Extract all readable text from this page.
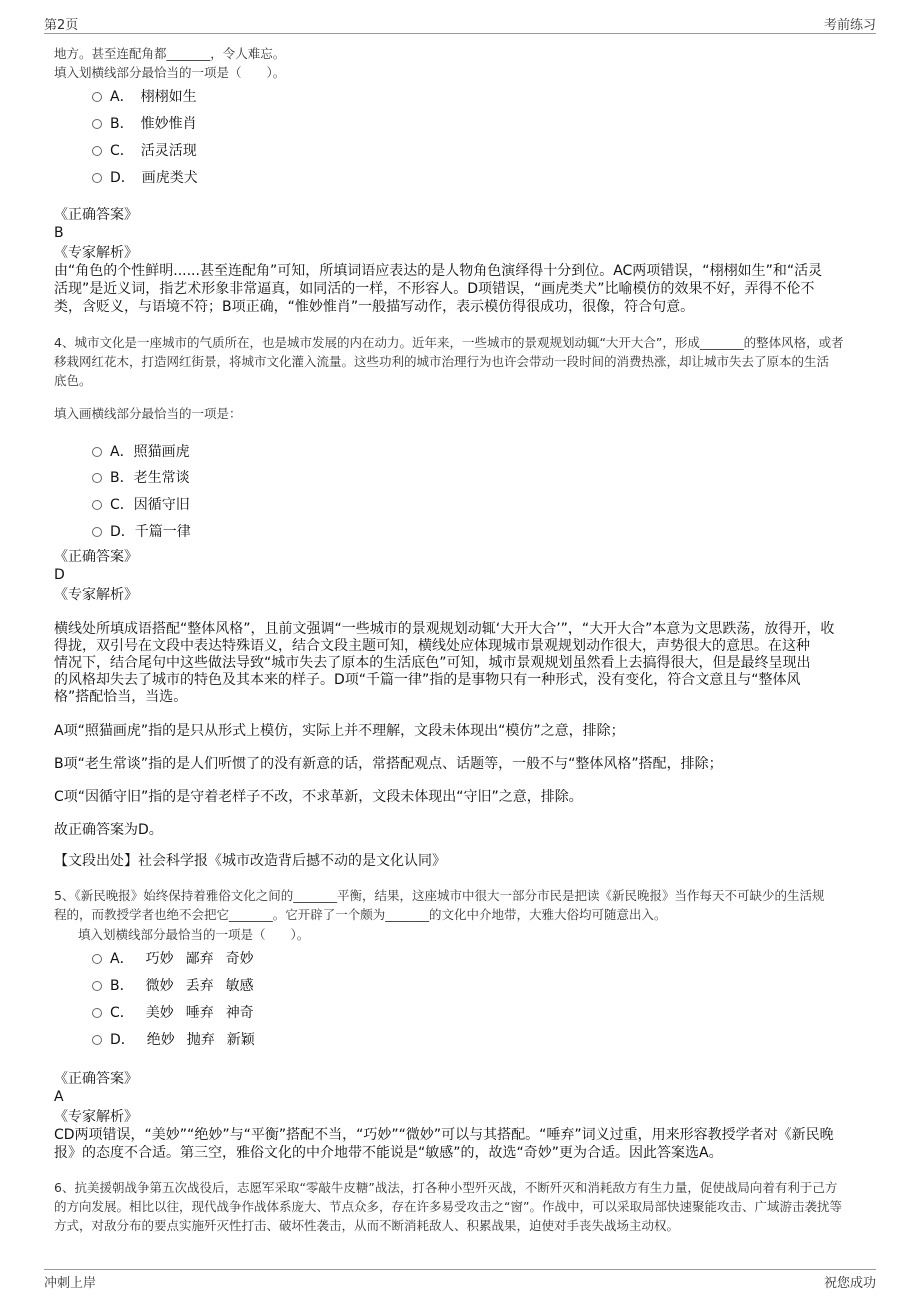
第2页	考前练习
地方。甚至连配角都_______，令人难忘。
填入划横线部分最恰当的一项是（　　）。
A．　栩栩如生
B．　惟妙惟肖
C．　活灵活现
D．　画虎类犬
《正确答案》
B
《专家解析》
由“角色的个性鲜明......甚至连配角”可知，所填词语应表达的是人物角色演绎得十分到位。AC两项错误，“栩栩如生”和“活灵
活现”是近义词，指艺术形象非常逼真，如同活的一样，不形容人。D项错误，“画虎类犬”比喻模仿的效果不好，弄得不伦不
类，含贬义，与语境不符；B项正确，“惟妙惟肖”一般描写动作，表示模仿得很成功，很像，符合句意。
4、城市文化是一座城市的气质所在，也是城市发展的内在动力。近年来，一些城市的景观规划动辄“大开大合”，形成_______的整体风格，或者
移栽网红花木，打造网红街景，将城市文化灌入流量。这些功利的城市治理行为也许会带动一段时间的消费热涨，却让城市失去了原本的生活
底色。
填入画横线部分最恰当的一项是：
A．照猫画虎
B．老生常谈
C．因循守旧
D．千篇一律
《正确答案》
D
《专家解析》
横线处所填成语搭配“整体风格”，且前文强调“一些城市的景观规划动辄‘大开大合’”，“大开大合”本意为文思跌荡，放得开，收
得拢，双引号在文段中表达特殊语义，结合文段主题可知，横线处应体现城市景观规划动作很大，声势很大的意思。在这种
情况下，结合尾句中这些做法导致“城市失去了原本的生活底色”可知，城市景观规划虽然看上去搞得很大，但是最终呈现出
的风格却失去了城市的特色及其本来的样子。D项“千篇一律”指的是事物只有一种形式，没有变化，符合文意且与“整体风
格”搭配恰当，当选。
A项“照猫画虎”指的是只从形式上模仿，实际上并不理解，文段未体现出“模仿”之意，排除；
B项“老生常谈”指的是人们听惯了的没有新意的话，常搭配观点、话题等，一般不与“整体风格”搭配，排除；
C项“因循守旧”指的是守着老样子不改，不求革新，文段未体现出“守旧”之意，排除。
故正确答案为D。
【文段出处】社会科学报《城市改造背后撼不动的是文化认同》
5、《新民晚报》始终保持着雅俗文化之间的_______平衡，结果，这座城市中很大一部分市民是把读《新民晚报》当作每天不可缺少的生活规
程的，而教授学者也绝不会把它_______。它开辟了一个颇为_______的文化中介地带，大雅大俗均可随意出入。
填入划横线部分最恰当的一项是（　　）。
A． 巧妙 鄙弃 奇妙
B． 微妙 丢弃 敏感
C． 美妙 唾弃 神奇
D． 绝妙 抛弃 新颖
《正确答案》
A
《专家解析》
CD两项错误，“美妙”“绝妙”与“平衡”搭配不当，“巧妙”“微妙”可以与其搭配。“唾弃”词义过重，用来形容教授学者对《新民晚
报》的态度不合适。第三空，雅俗文化的中介地带不能说是“敏感”的，故选“奇妙”更为合适。因此答案选A。
6、抗美援朝战争第五次战役后，志愿军采取“零敲牛皮糖”战法，打各种小型歼灭战，不断歼灭和消耗敌方有生力量，促使战局向着有利于己方
的方向发展。相比以往，现代战争作战体系庞大、节点众多，存在许多易受攻击之“窗”。作战中，可以采取局部快速聚能攻击、广域游击袭扰等
方式，对敌分布的要点实施歼灭性打击、破坏性袭击，从而不断消耗敌人、积累战果，迫使对手丧失战场主动权。
冲刺上岸	祝您成功
